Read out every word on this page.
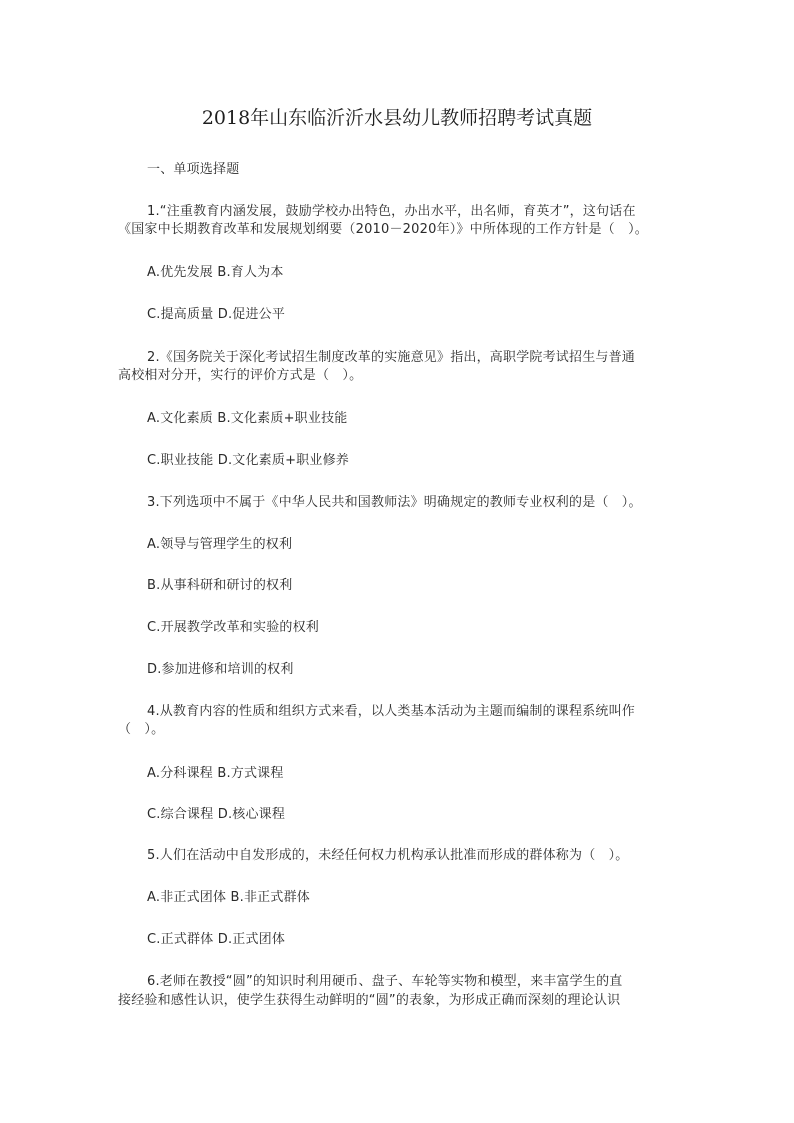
2018年山东临沂沂水县幼儿教师招聘考试真题
一、单项选择题
1.“注重教育内涵发展，鼓励学校办出特色，办出水平，出名师，育英才”，这句话在
《国家中长期教育改革和发展规划纲要（2010－2020年）》中所体现的工作方针是（　）。
A.优先发展 B.育人为本
C.提高质量 D.促进公平
2.《国务院关于深化考试招生制度改革的实施意见》指出，高职学院考试招生与普通
高校相对分开，实行的评价方式是（　）。
A.文化素质 B.文化素质+职业技能
C.职业技能 D.文化素质+职业修养
3.下列选项中不属于《中华人民共和国教师法》明确规定的教师专业权利的是（　）。
A.领导与管理学生的权利
B.从事科研和研讨的权利
C.开展教学改革和实验的权利
D.参加进修和培训的权利
4.从教育内容的性质和组织方式来看，以人类基本活动为主题而编制的课程系统叫作
（　）。
A.分科课程 B.方式课程
C.综合课程 D.核心课程
5.人们在活动中自发形成的，未经任何权力机构承认批准而形成的群体称为（　）。
A.非正式团体 B.非正式群体
C.正式群体 D.正式团体
6.老师在教授“圆”的知识时利用硬币、盘子、车轮等实物和模型，来丰富学生的直
接经验和感性认识，使学生获得生动鲜明的“圆”的表象，为形成正确而深刻的理论认识
